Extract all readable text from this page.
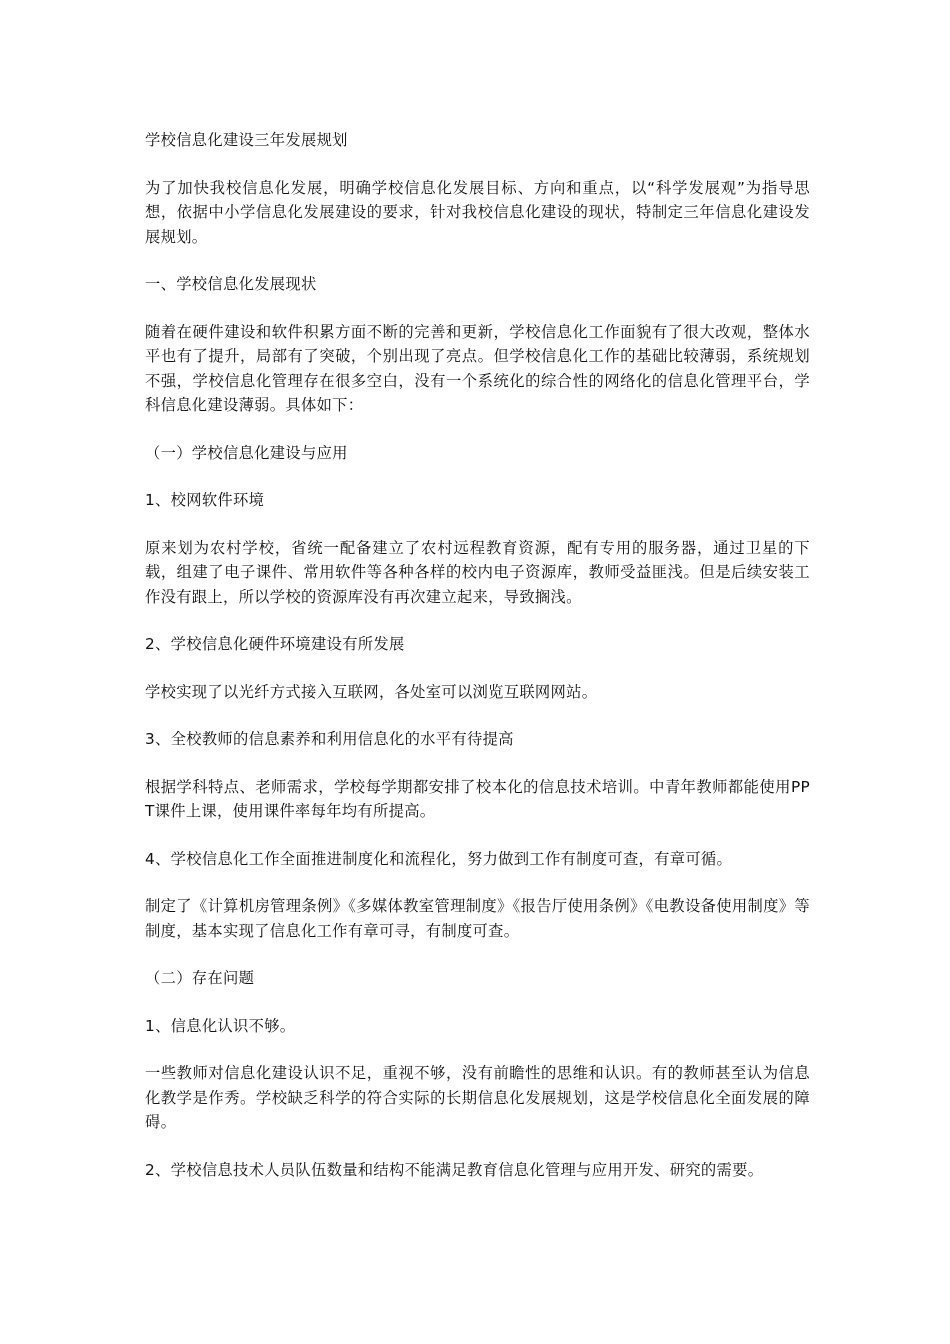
学校信息化建设三年发展规划

为了加快我校信息化发展，明确学校信息化发展目标、方向和重点，以“科学发展观”为指导思想，依据中小学信息化发展建设的要求，针对我校信息化建设的现状，特制定三年信息化建设发展规划。

一、学校信息化发展现状

随着在硬件建设和软件积累方面不断的完善和更新，学校信息化工作面貌有了很大改观，整体水平也有了提升，局部有了突破，个别出现了亮点。但学校信息化工作的基础比较薄弱，系统规划不强，学校信息化管理存在很多空白，没有一个系统化的综合性的网络化的信息化管理平台，学科信息化建设薄弱。具体如下：

（一）学校信息化建设与应用

1、校网软件环境

原来划为农村学校，省统一配备建立了农村远程教育资源，配有专用的服务器，通过卫星的下载，组建了电子课件、常用软件等各种各样的校内电子资源库，教师受益匪浅。但是后续安装工作没有跟上，所以学校的资源库没有再次建立起来，导致搁浅。

2、学校信息化硬件环境建设有所发展

学校实现了以光纤方式接入互联网，各处室可以浏览互联网网站。

3、全校教师的信息素养和利用信息化的水平有待提高

根据学科特点、老师需求，学校每学期都安排了校本化的信息技术培训。中青年教师都能使用PPT课件上课，使用课件率每年均有所提高。

4、学校信息化工作全面推进制度化和流程化，努力做到工作有制度可查，有章可循。

制定了《计算机房管理条例》《多媒体教室管理制度》《报告厅使用条例》《电教设备使用制度》等制度，基本实现了信息化工作有章可寻，有制度可查。

（二）存在问题

1、信息化认识不够。

一些教师对信息化建设认识不足，重视不够，没有前瞻性的思维和认识。有的教师甚至认为信息化教学是作秀。学校缺乏科学的符合实际的长期信息化发展规划，这是学校信息化全面发展的障碍。

2、学校信息技术人员队伍数量和结构不能满足教育信息化管理与应用开发、研究的需要。
